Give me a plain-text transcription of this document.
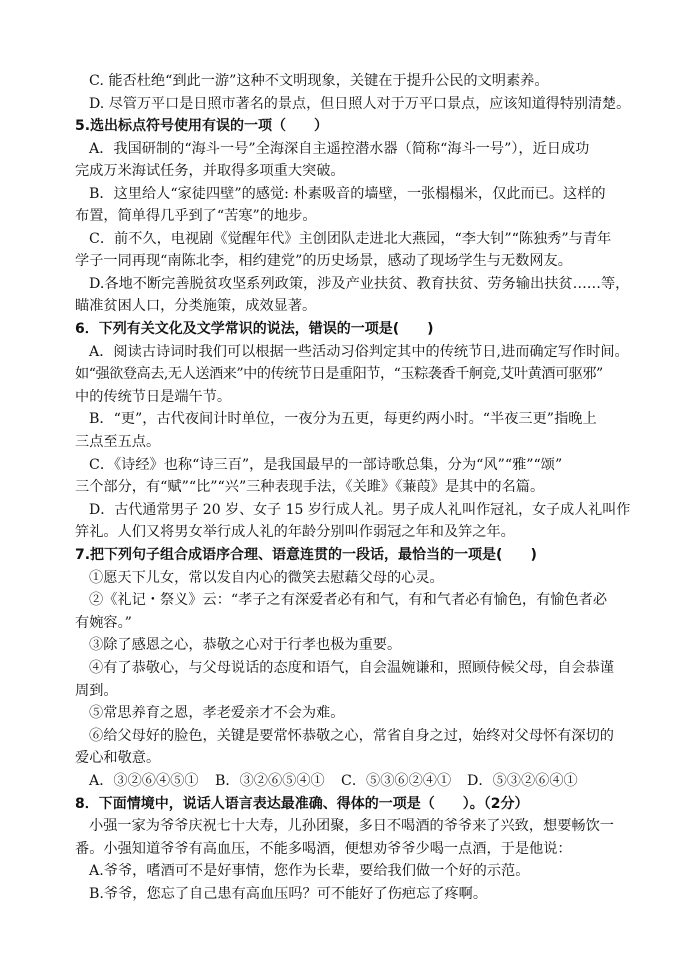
C. 能否杜绝“到此一游”这种不文明现象，关键在于提升公民的文明素养。
D. 尽管万平口是日照市著名的景点，但日照人对于万平口景点，应该知道得特别清楚。
5.选出标点符号使用有误的一项（　　）
A．我国研制的“海斗一号”全海深自主遥控潜水器（简称“海斗一号”），近日成功
完成万米海试任务，并取得多项重大突破。
B．这里给人“家徒四壁”的感觉: 朴素吸音的墙壁，一张榻榻米，仅此而已。这样的
布置，简单得几乎到了“苦寒”的地步。
C．前不久，电视剧《觉醒年代》主创团队走进北大燕园，“李大钊”“陈独秀”与青年
学子一同再现“南陈北李，相约建党”的历史场景，感动了现场学生与无数网友。
D.各地不断完善脱贫攻坚系列政策，涉及产业扶贫、教育扶贫、劳务输出扶贫……等，
瞄准贫困人口，分类施策，成效显著。
6．下列有关文化及文学常识的说法，错误的一项是(　　)
A．阅读古诗词时我们可以根据一些活动习俗判定其中的传统节日,进而确定写作时间。
如“强欲登高去,无人送酒来”中的传统节日是重阳节，“玉粽袭香千舸竞,艾叶黄酒可驱邪”
中的传统节日是端午节。
B．“更”，古代夜间计时单位，一夜分为五更，每更约两小时。“半夜三更”指晚上
三点至五点。
C．《诗经》也称“诗三百”，是我国最早的一部诗歌总集，分为“风”“雅”“颂”
三个部分，有“赋”“比”“兴”三种表现手法，《关雎》《蒹葭》是其中的名篇。
D．古代通常男子 20 岁、女子 15 岁行成人礼。男子成人礼叫作冠礼，女子成人礼叫作
笄礼。人们又将男女举行成人礼的年龄分别叫作弱冠之年和及笄之年。
7.把下列句子组合成语序合理、语意连贯的一段话，最恰当的一项是(　　)
①愿天下儿女，常以发自内心的微笑去慰藉父母的心灵。
②《礼记・祭义》云：“孝子之有深爱者必有和气，有和气者必有愉色，有愉色者必
有婉容。”
③除了感恩之心，恭敬之心对于行孝也极为重要。
④有了恭敬心，与父母说话的态度和语气，自会温婉谦和，照顾侍候父母，自会恭谨
周到。
⑤常思养育之恩，孝老爱亲才不会为难。
⑥给父母好的脸色，关键是要常怀恭敬之心，常省自身之过，始终对父母怀有深切的
爱心和敬意。
A．③②⑥④⑤① B．③②⑥⑤④① C．⑤③⑥②④① D．⑤③②⑥④①
8．下面情境中，说话人语言表达最准确、得体的一项是（　　）。（2分）
小强一家为爷爷庆祝七十大寿，儿孙团聚，多日不喝酒的爷爷来了兴致，想要畅饮一
番。小强知道爷爷有高血压，不能多喝酒，便想劝爷爷少喝一点酒，于是他说：
A.爷爷，嗜酒可不是好事情，您作为长辈，要给我们做一个好的示范。
B.爷爷，您忘了自己患有高血压吗？可不能好了伤疤忘了疼啊。
